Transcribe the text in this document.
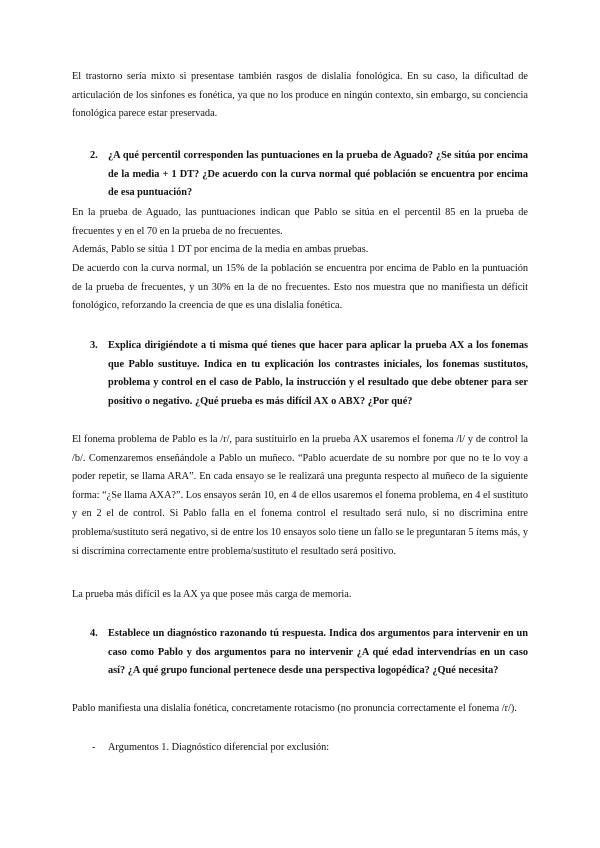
El trastorno sería mixto si presentase también rasgos de dislalia fonológica. En su caso, la dificultad de articulación de los sinfones es fonética, ya que no los produce en ningún contexto, sin embargo, su conciencia fonológica parece estar preservada.

2. ¿A qué percentil corresponden las puntuaciones en la prueba de Aguado? ¿Se sitúa por encima de la media + 1 DT? ¿De acuerdo con la curva normal qué población se encuentra por encima de esa puntuación?

En la prueba de Aguado, las puntuaciones indican que Pablo se sitúa en el percentil 85 en la prueba de frecuentes y en el 70 en la prueba de no frecuentes.

Además, Pablo se sitúa 1 DT por encima de la media en ambas pruebas.

De acuerdo con la curva normal, un 15% de la población se encuentra por encima de Pablo en la puntuación de la prueba de frecuentes, y un 30% en la de no frecuentes. Esto nos muestra que no manifiesta un déficit fonológico, reforzando la creencia de que es una dislalia fonética.

3. Explica dirigiéndote a ti misma qué tienes que hacer para aplicar la prueba AX a los fonemas que Pablo sustituye. Indica en tu explicación los contrastes iniciales, los fonemas sustitutos, problema y control en el caso de Pablo, la instrucción y el resultado que debe obtener para ser positivo o negativo. ¿Qué prueba es más difícil AX o ABX? ¿Por qué?

El fonema problema de Pablo es la /r/, para sustituirlo en la prueba AX usaremos el fonema /l/ y de control la /b/. Comenzaremos enseñándole a Pablo un muñeco. “Pablo acuerdate de su nombre por que no te lo voy a poder repetir, se llama ARA”. En cada ensayo se le realizará una pregunta respecto al muñeco de la siguiente forma: “¿Se llama AXA?”. Los ensayos serán 10, en 4 de ellos usaremos el fonema problema, en 4 el sustituto y en 2 el de control. Si Pablo falla en el fonema control el resultado será nulo, si no discrimina entre problema/sustituto será negativo, si de entre los 10 ensayos solo tiene un fallo se le preguntaran 5 ítems más, y si discrimina correctamente entre problema/sustituto el resultado será positivo.

La prueba más difícil es la AX ya que posee más carga de memoria.

4. Establece un diagnóstico razonando tú respuesta. Indica dos argumentos para intervenir en un caso como Pablo y dos argumentos para no intervenir ¿A qué edad intervendrías en un caso así? ¿A qué grupo funcional pertenece desde una perspectiva logopédica? ¿Qué necesita?

Pablo manifiesta una dislalia fonética, concretamente rotacismo (no pronuncia correctamente el fonema /r/).

- Argumentos 1. Diagnóstico diferencial por exclusión:
